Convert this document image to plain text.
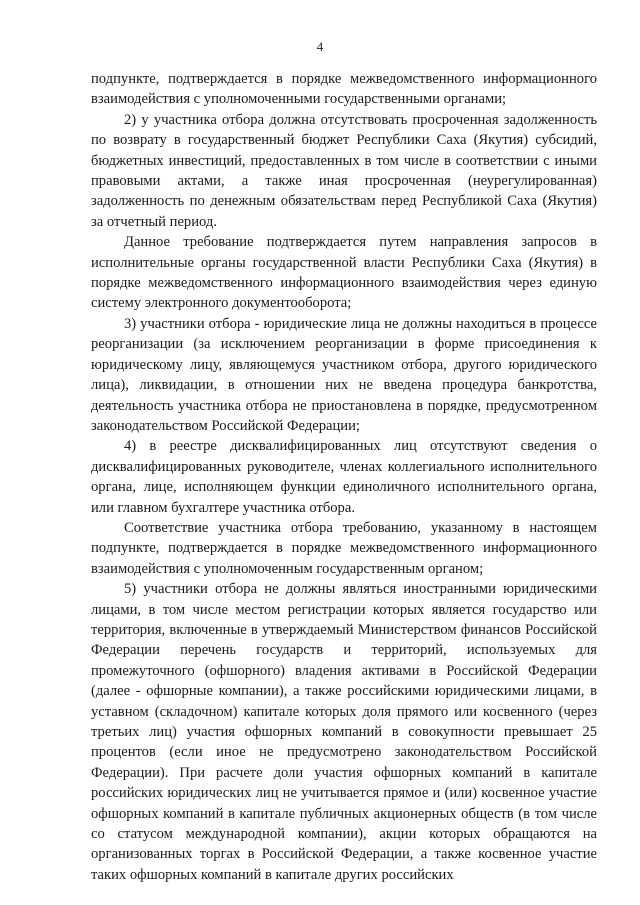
4

подпункте, подтверждается в порядке межведомственного информационного взаимодействия с уполномоченными государственными органами;

2) у участника отбора должна отсутствовать просроченная задолженность по возврату в государственный бюджет Республики Саха (Якутия) субсидий, бюджетных инвестиций, предоставленных в том числе в соответствии с иными правовыми актами, а также иная просроченная (неурегулированная) задолженность по денежным обязательствам перед Республикой Саха (Якутия) за отчетный период.

Данное требование подтверждается путем направления запросов в исполнительные органы государственной власти Республики Саха (Якутия) в порядке межведомственного информационного взаимодействия через единую систему электронного документооборота;

3) участники отбора - юридические лица не должны находиться в процессе реорганизации (за исключением реорганизации в форме присоединения к юридическому лицу, являющемуся участником отбора, другого юридического лица), ликвидации, в отношении них не введена процедура банкротства, деятельность участника отбора не приостановлена в порядке, предусмотренном законодательством Российской Федерации;

4) в реестре дисквалифицированных лиц отсутствуют сведения о дисквалифицированных руководителе, членах коллегиального исполнительного органа, лице, исполняющем функции единоличного исполнительного органа, или главном бухгалтере участника отбора.

Соответствие участника отбора требованию, указанному в настоящем подпункте, подтверждается в порядке межведомственного информационного взаимодействия с уполномоченным государственным органом;

5) участники отбора не должны являться иностранными юридическими лицами, в том числе местом регистрации которых является государство или территория, включенные в утверждаемый Министерством финансов Российской Федерации перечень государств и территорий, используемых для промежуточного (офшорного) владения активами в Российской Федерации (далее - офшорные компании), а также российскими юридическими лицами, в уставном (складочном) капитале которых доля прямого или косвенного (через третьих лиц) участия офшорных компаний в совокупности превышает 25 процентов (если иное не предусмотрено законодательством Российской Федерации). При расчете доли участия офшорных компаний в капитале российских юридических лиц не учитывается прямое и (или) косвенное участие офшорных компаний в капитале публичных акционерных обществ (в том числе со статусом международной компании), акции которых обращаются на организованных торгах в Российской Федерации, а также косвенное участие таких офшорных компаний в капитале других российских
